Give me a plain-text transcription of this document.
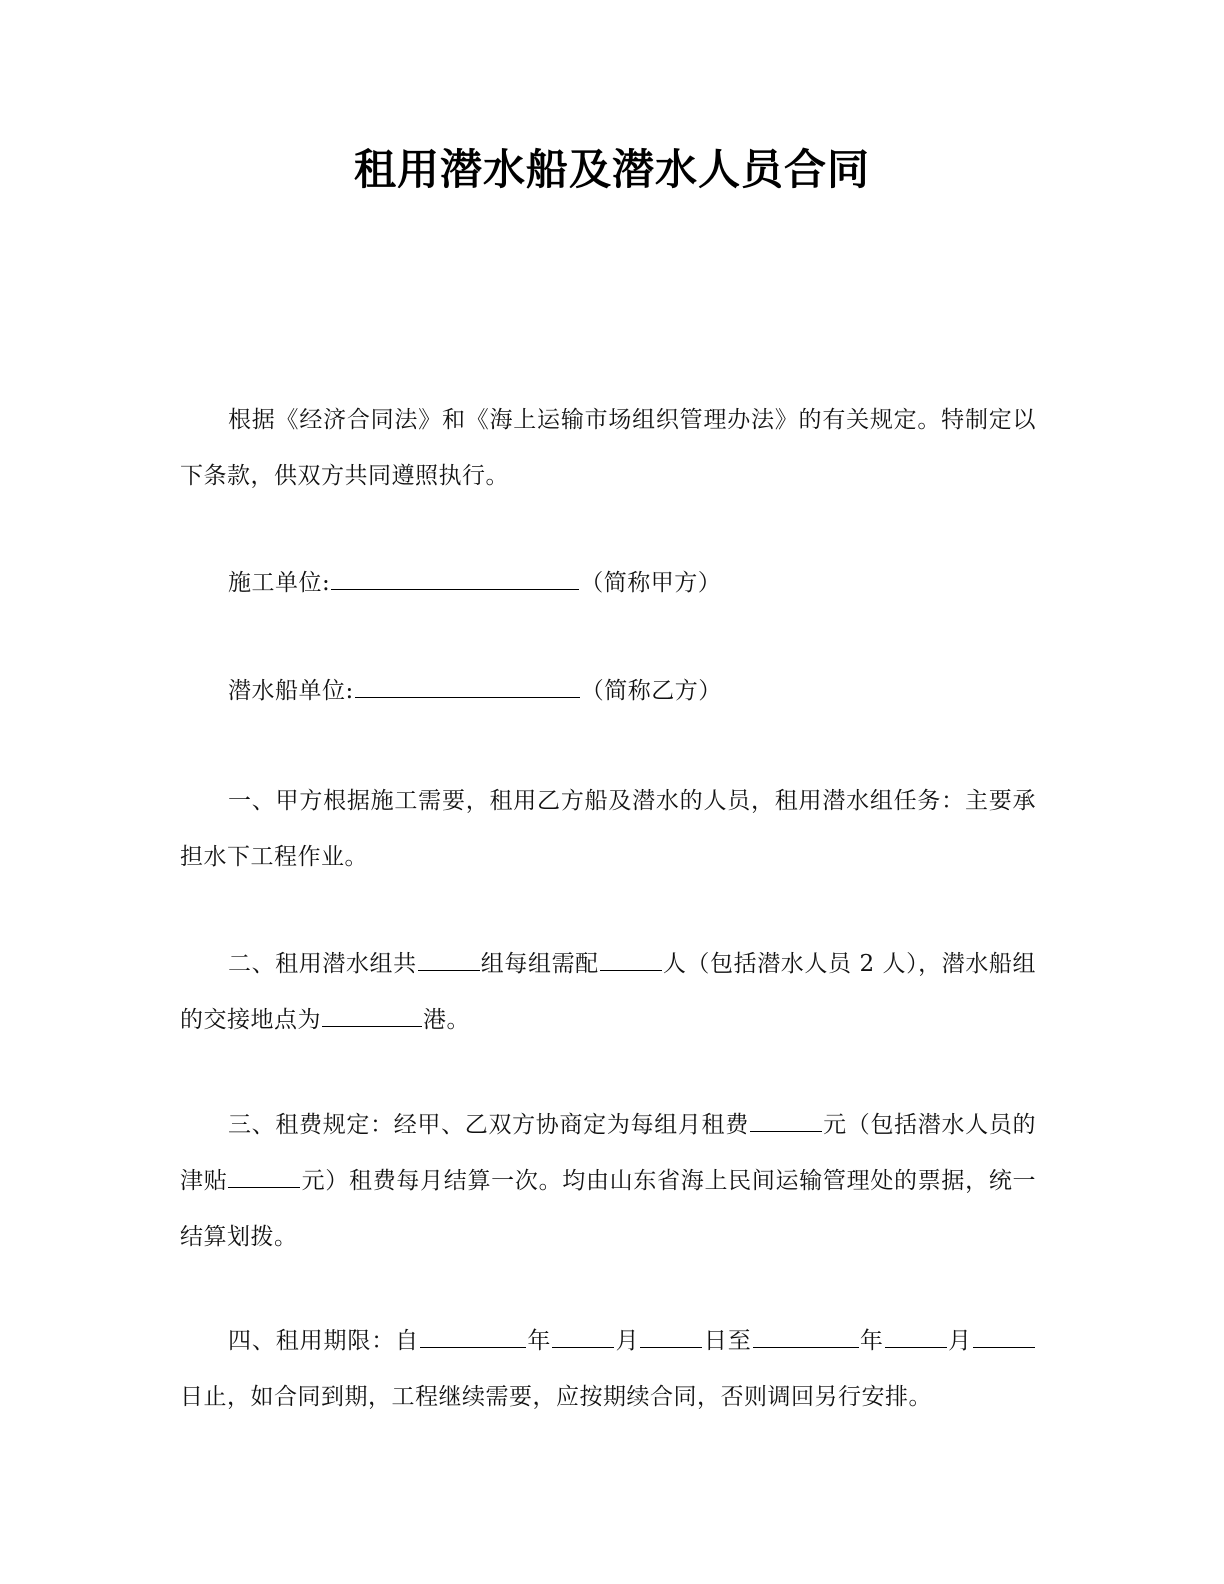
租用潜水船及潜水人员合同
根据《经济合同法》和《海上运输市场组织管理办法》的有关规定。特制定以下条款，供双方共同遵照执行。
施工单位:	（简称甲方）
潜水船单位:	（简称乙方）
一、甲方根据施工需要，租用乙方船及潜水的人员，租用潜水组任务：主要承担水下工程作业。
二、租用潜水组共	组每组需配	人（包括潜水人员 2 人），潜水船组的交接地点为	港。
三、租费规定：经甲、乙双方协商定为每组月租费	元（包括潜水人员的津贴	元）租费每月结算一次。均由山东省海上民间运输管理处的票据，统一结算划拨。
四、租用期限：自	年	月	日至	年	月日止，如合同到期，工程继续需要，应按期续合同，否则调回另行安排。
